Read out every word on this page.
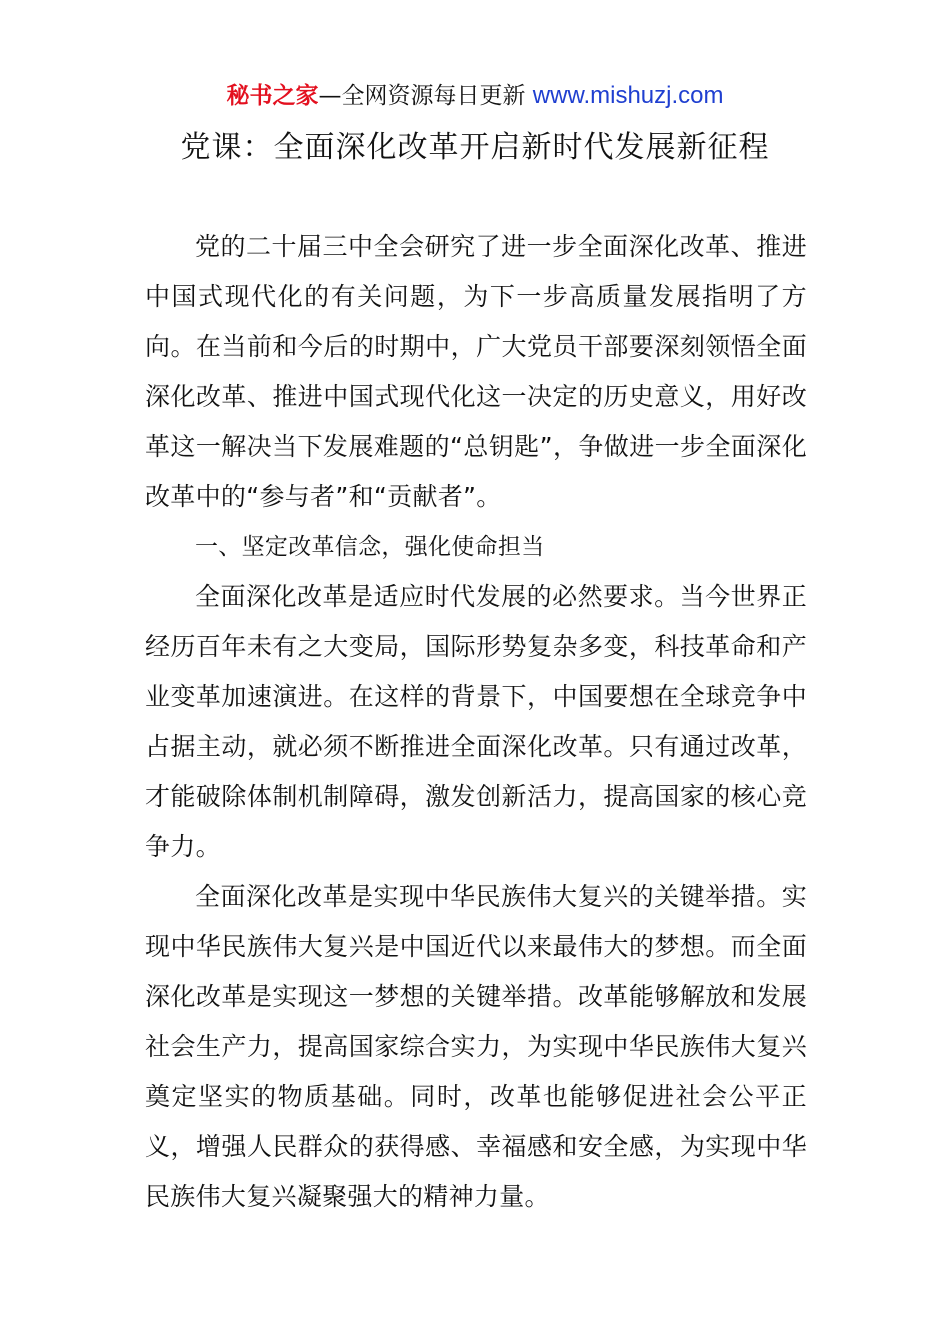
秘书之家—全网资源每日更新 www.mishuzj.com
党课：全面深化改革开启新时代发展新征程

党的二十届三中全会研究了进一步全面深化改革、推进中国式现代化的有关问题，为下一步高质量发展指明了方向。在当前和今后的时期中，广大党员干部要深刻领悟全面深化改革、推进中国式现代化这一决定的历史意义，用好改革这一解决当下发展难题的“总钥匙”，争做进一步全面深化改革中的“参与者”和“贡献者”。

一、坚定改革信念，强化使命担当

全面深化改革是适应时代发展的必然要求。当今世界正经历百年未有之大变局，国际形势复杂多变，科技革命和产业变革加速演进。在这样的背景下，中国要想在全球竞争中占据主动，就必须不断推进全面深化改革。只有通过改革，才能破除体制机制障碍，激发创新活力，提高国家的核心竞争力。

全面深化改革是实现中华民族伟大复兴的关键举措。实现中华民族伟大复兴是中国近代以来最伟大的梦想。而全面深化改革是实现这一梦想的关键举措。改革能够解放和发展社会生产力，提高国家综合实力，为实现中华民族伟大复兴奠定坚实的物质基础。同时，改革也能够促进社会公平正义，增强人民群众的获得感、幸福感和安全感，为实现中华民族伟大复兴凝聚强大的精神力量。
